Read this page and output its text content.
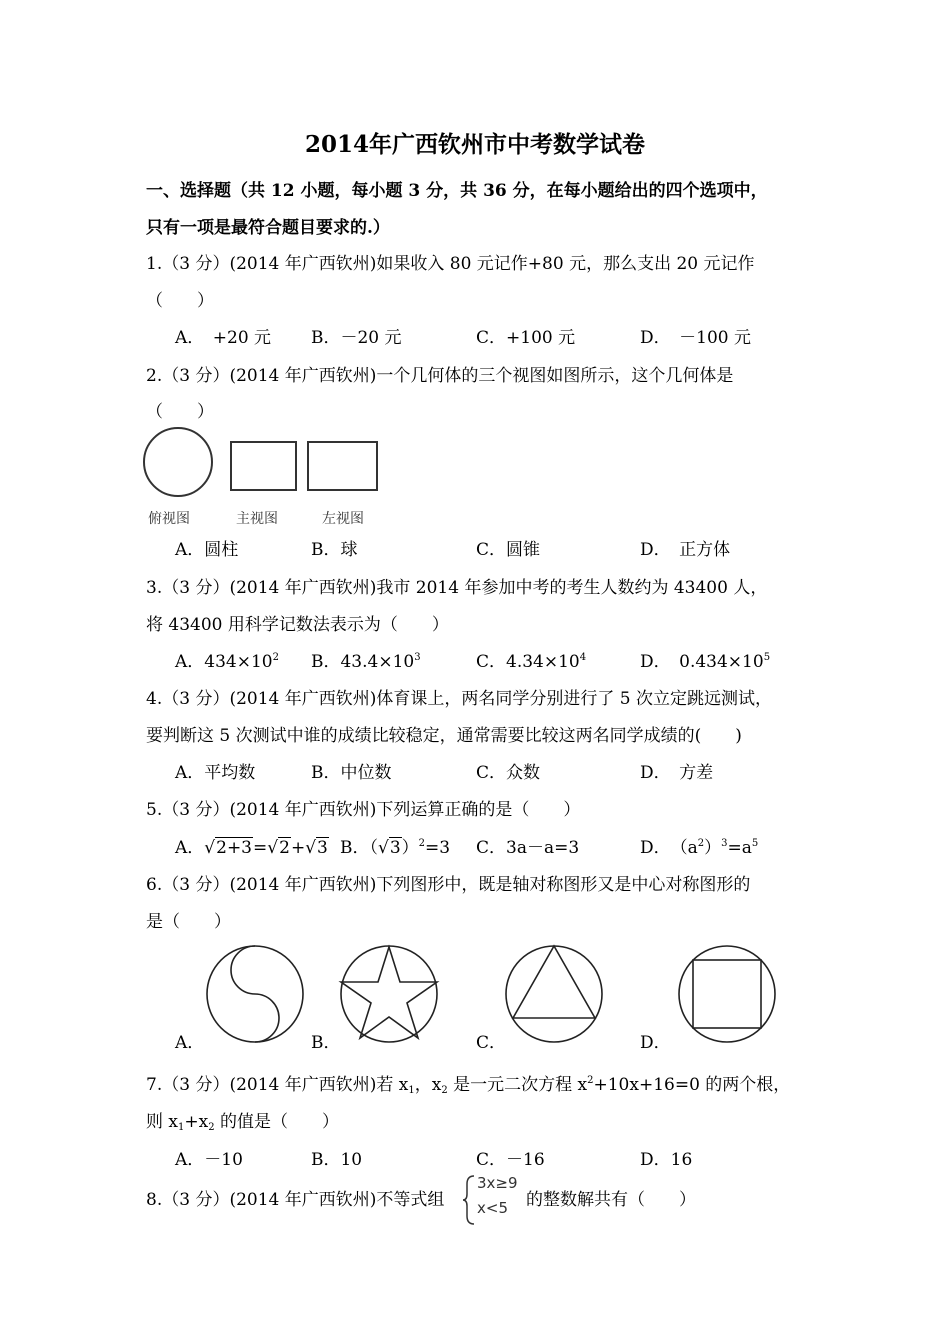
2014年广西钦州市中考数学试卷
一、选择题（共 12 小题，每小题 3 分，共 36 分，在每小题给出的四个选项中，
只有一项是最符合题目要求的.）
1.（3 分）(2014 年广西钦州)如果收入 80 元记作+80 元，那么支出 20 元记作
（　　）
A．　+20 元 B．－20 元	C．+100 元	D．　－100 元
2.（3 分）(2014 年广西钦州)一个几何体的三个视图如图所示，这个几何体是
（　　）
俯视图	主视图	左视图
A．圆柱	B．球	C．圆锥	D．　正方体
3.（3 分）(2014 年广西钦州)我市 2014 年参加中考的考生人数约为 43400 人，
将 43400 用科学记数法表示为（　　）
A．$434\times 10^2$ B．$43.4\times 10^3$	C．$4.34\times 10^4$	D．　$0.434\times 10^5$
4.（3 分）(2014 年广西钦州)体育课上，两名同学分别进行了 5 次立定跳远测试，
要判断这 5 次测试中谁的成绩比较稳定，通常需要比较这两名同学成绩的(　　)
A．平均数	B．中位数	C．众数	D．　方差
5.（3 分）(2014 年广西钦州)下列运算正确的是（　　）
A．√2+3=√2+√3 B．$(√3)^2=3$ C．3a－a=3	D．　$(a^2)^3=a^5$
6.（3 分）(2014 年广西钦州)下列图形中，既是轴对称图形又是中心对称图形的
是（　　）
A．	B．	C．	D．
7.（3 分）(2014 年广西钦州)若 $x_1$，$x_2$ 是一元二次方程 $x^2+10x+16=0$ 的两个根，
则 $x_1+x_2$ 的值是（　　）
A．－10	B．10	C．－16	D．16
8.（3 分）(2014 年广西钦州)不等式组
3x≥9
x<5 的整数解共有（　　）
